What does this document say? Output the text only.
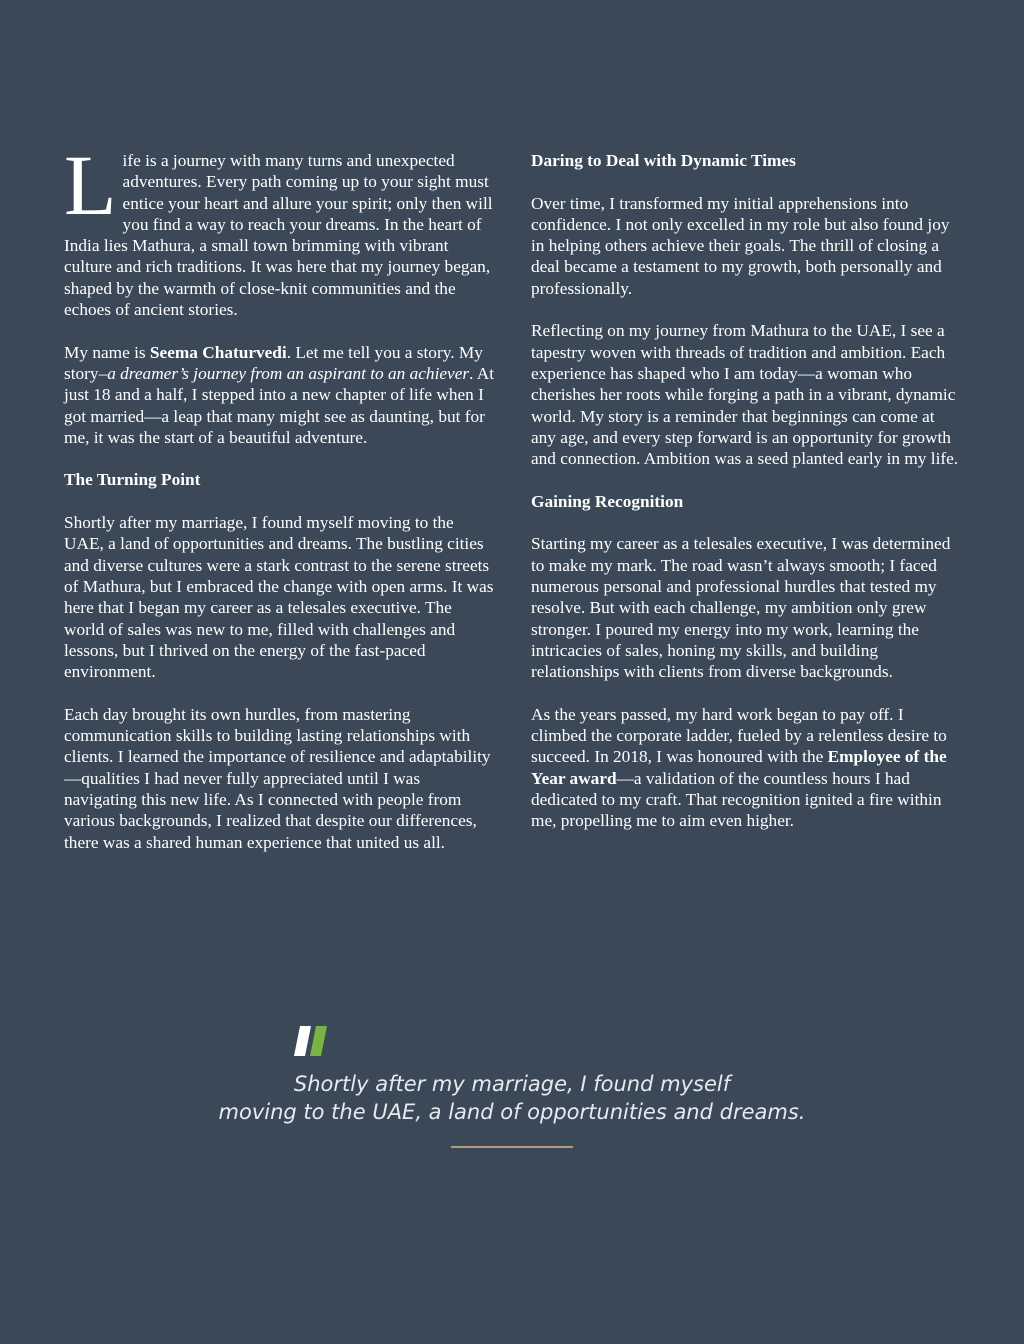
Life is a journey with many turns and unexpected adventures. Every path coming up to your sight must entice your heart and allure your spirit; only then will you find a way to reach your dreams. In the heart of India lies Mathura, a small town brimming with vibrant culture and rich traditions. It was here that my journey began, shaped by the warmth of close-knit communities and the echoes of ancient stories.

My name is Seema Chaturvedi. Let me tell you a story. My story–a dreamer’s journey from an aspirant to an achiever. At just 18 and a half, I stepped into a new chapter of life when I got married—a leap that many might see as daunting, but for me, it was the start of a beautiful adventure.

The Turning Point

Shortly after my marriage, I found myself moving to the UAE, a land of opportunities and dreams. The bustling cities and diverse cultures were a stark contrast to the serene streets of Mathura, but I embraced the change with open arms. It was here that I began my career as a telesales executive. The world of sales was new to me, filled with challenges and lessons, but I thrived on the energy of the fast-paced environment.

Each day brought its own hurdles, from mastering communication skills to building lasting relationships with clients. I learned the importance of resilience and adaptability—qualities I had never fully appreciated until I was navigating this new life. As I connected with people from various backgrounds, I realized that despite our differences, there was a shared human experience that united us all.

Daring to Deal with Dynamic Times

Over time, I transformed my initial apprehensions into confidence. I not only excelled in my role but also found joy in helping others achieve their goals. The thrill of closing a deal became a testament to my growth, both personally and professionally.

Reflecting on my journey from Mathura to the UAE, I see a tapestry woven with threads of tradition and ambition. Each experience has shaped who I am today—a woman who cherishes her roots while forging a path in a vibrant, dynamic world. My story is a reminder that beginnings can come at any age, and every step forward is an opportunity for growth and connection. Ambition was a seed planted early in my life.

Gaining Recognition

Starting my career as a telesales executive, I was determined to make my mark. The road wasn’t always smooth; I faced numerous personal and professional hurdles that tested my resolve. But with each challenge, my ambition only grew stronger. I poured my energy into my work, learning the intricacies of sales, honing my skills, and building relationships with clients from diverse backgrounds.

As the years passed, my hard work began to pay off. I climbed the corporate ladder, fueled by a relentless desire to succeed. In 2018, I was honoured with the Employee of the Year award—a validation of the countless hours I had dedicated to my craft. That recognition ignited a fire within me, propelling me to aim even higher.

Shortly after my marriage, I found myself
moving to the UAE, a land of opportunities and dreams.
